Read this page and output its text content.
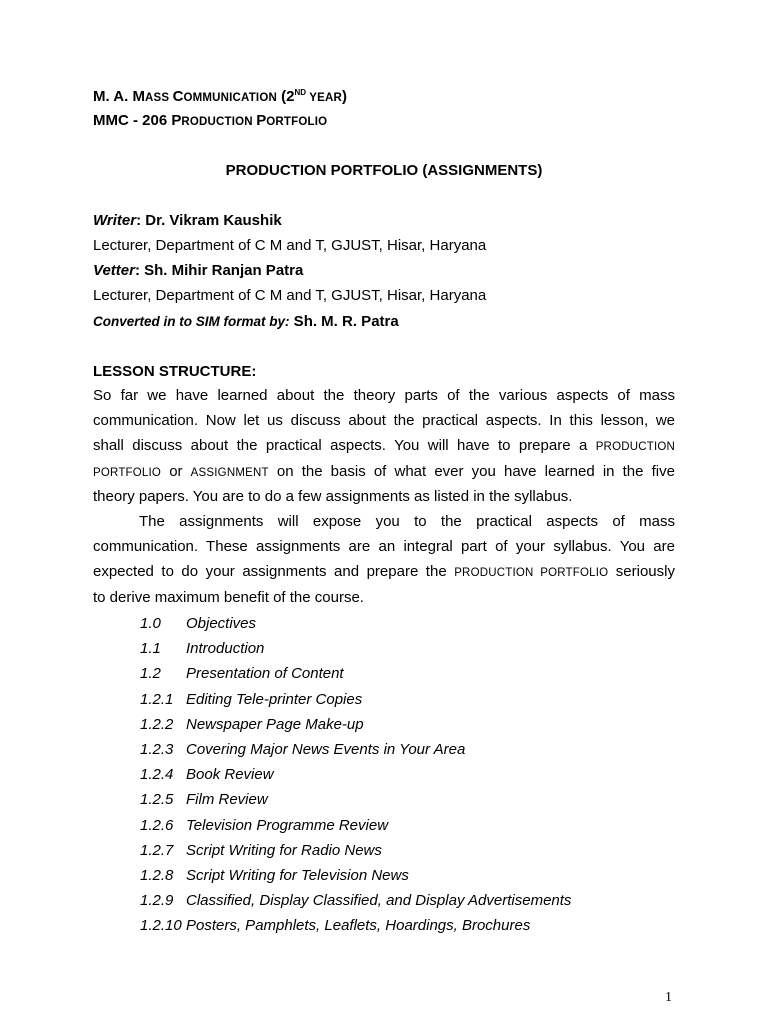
M. A. MASS COMMUNICATION (2ND YEAR)
MMC - 206 PRODUCTION PORTFOLIO
PRODUCTION PORTFOLIO (ASSIGNMENTS)
Writer: Dr. Vikram Kaushik
Lecturer, Department of C M and T, GJUST, Hisar, Haryana
Vetter: Sh. Mihir Ranjan Patra
Lecturer, Department of C M and T, GJUST, Hisar, Haryana
Converted in to SIM format by: Sh. M. R. Patra
LESSON STRUCTURE:
So far we have learned about the theory parts of the various aspects of mass
communication. Now let us discuss about the practical aspects. In this lesson, we
shall discuss about the practical aspects. You will have to prepare a PRODUCTION
PORTFOLIO or ASSIGNMENT on the basis of what ever you have learned in the five
theory papers. You are to do a few assignments as listed in the syllabus.
The assignments will expose you to the practical aspects of mass
communication. These assignments are an integral part of your syllabus. You are
expected to do your assignments and prepare the PRODUCTION PORTFOLIO seriously
to derive maximum benefit of the course.
1.0 Objectives
1.1 Introduction
1.2 Presentation of Content
1.2.1 Editing Tele-printer Copies
1.2.2 Newspaper Page Make-up
1.2.3 Covering Major News Events in Your Area
1.2.4 Book Review
1.2.5 Film Review
1.2.6 Television Programme Review
1.2.7 Script Writing for Radio News
1.2.8 Script Writing for Television News
1.2.9 Classified, Display Classified, and Display Advertisements
1.2.10 Posters, Pamphlets, Leaflets, Hoardings, Brochures
1
